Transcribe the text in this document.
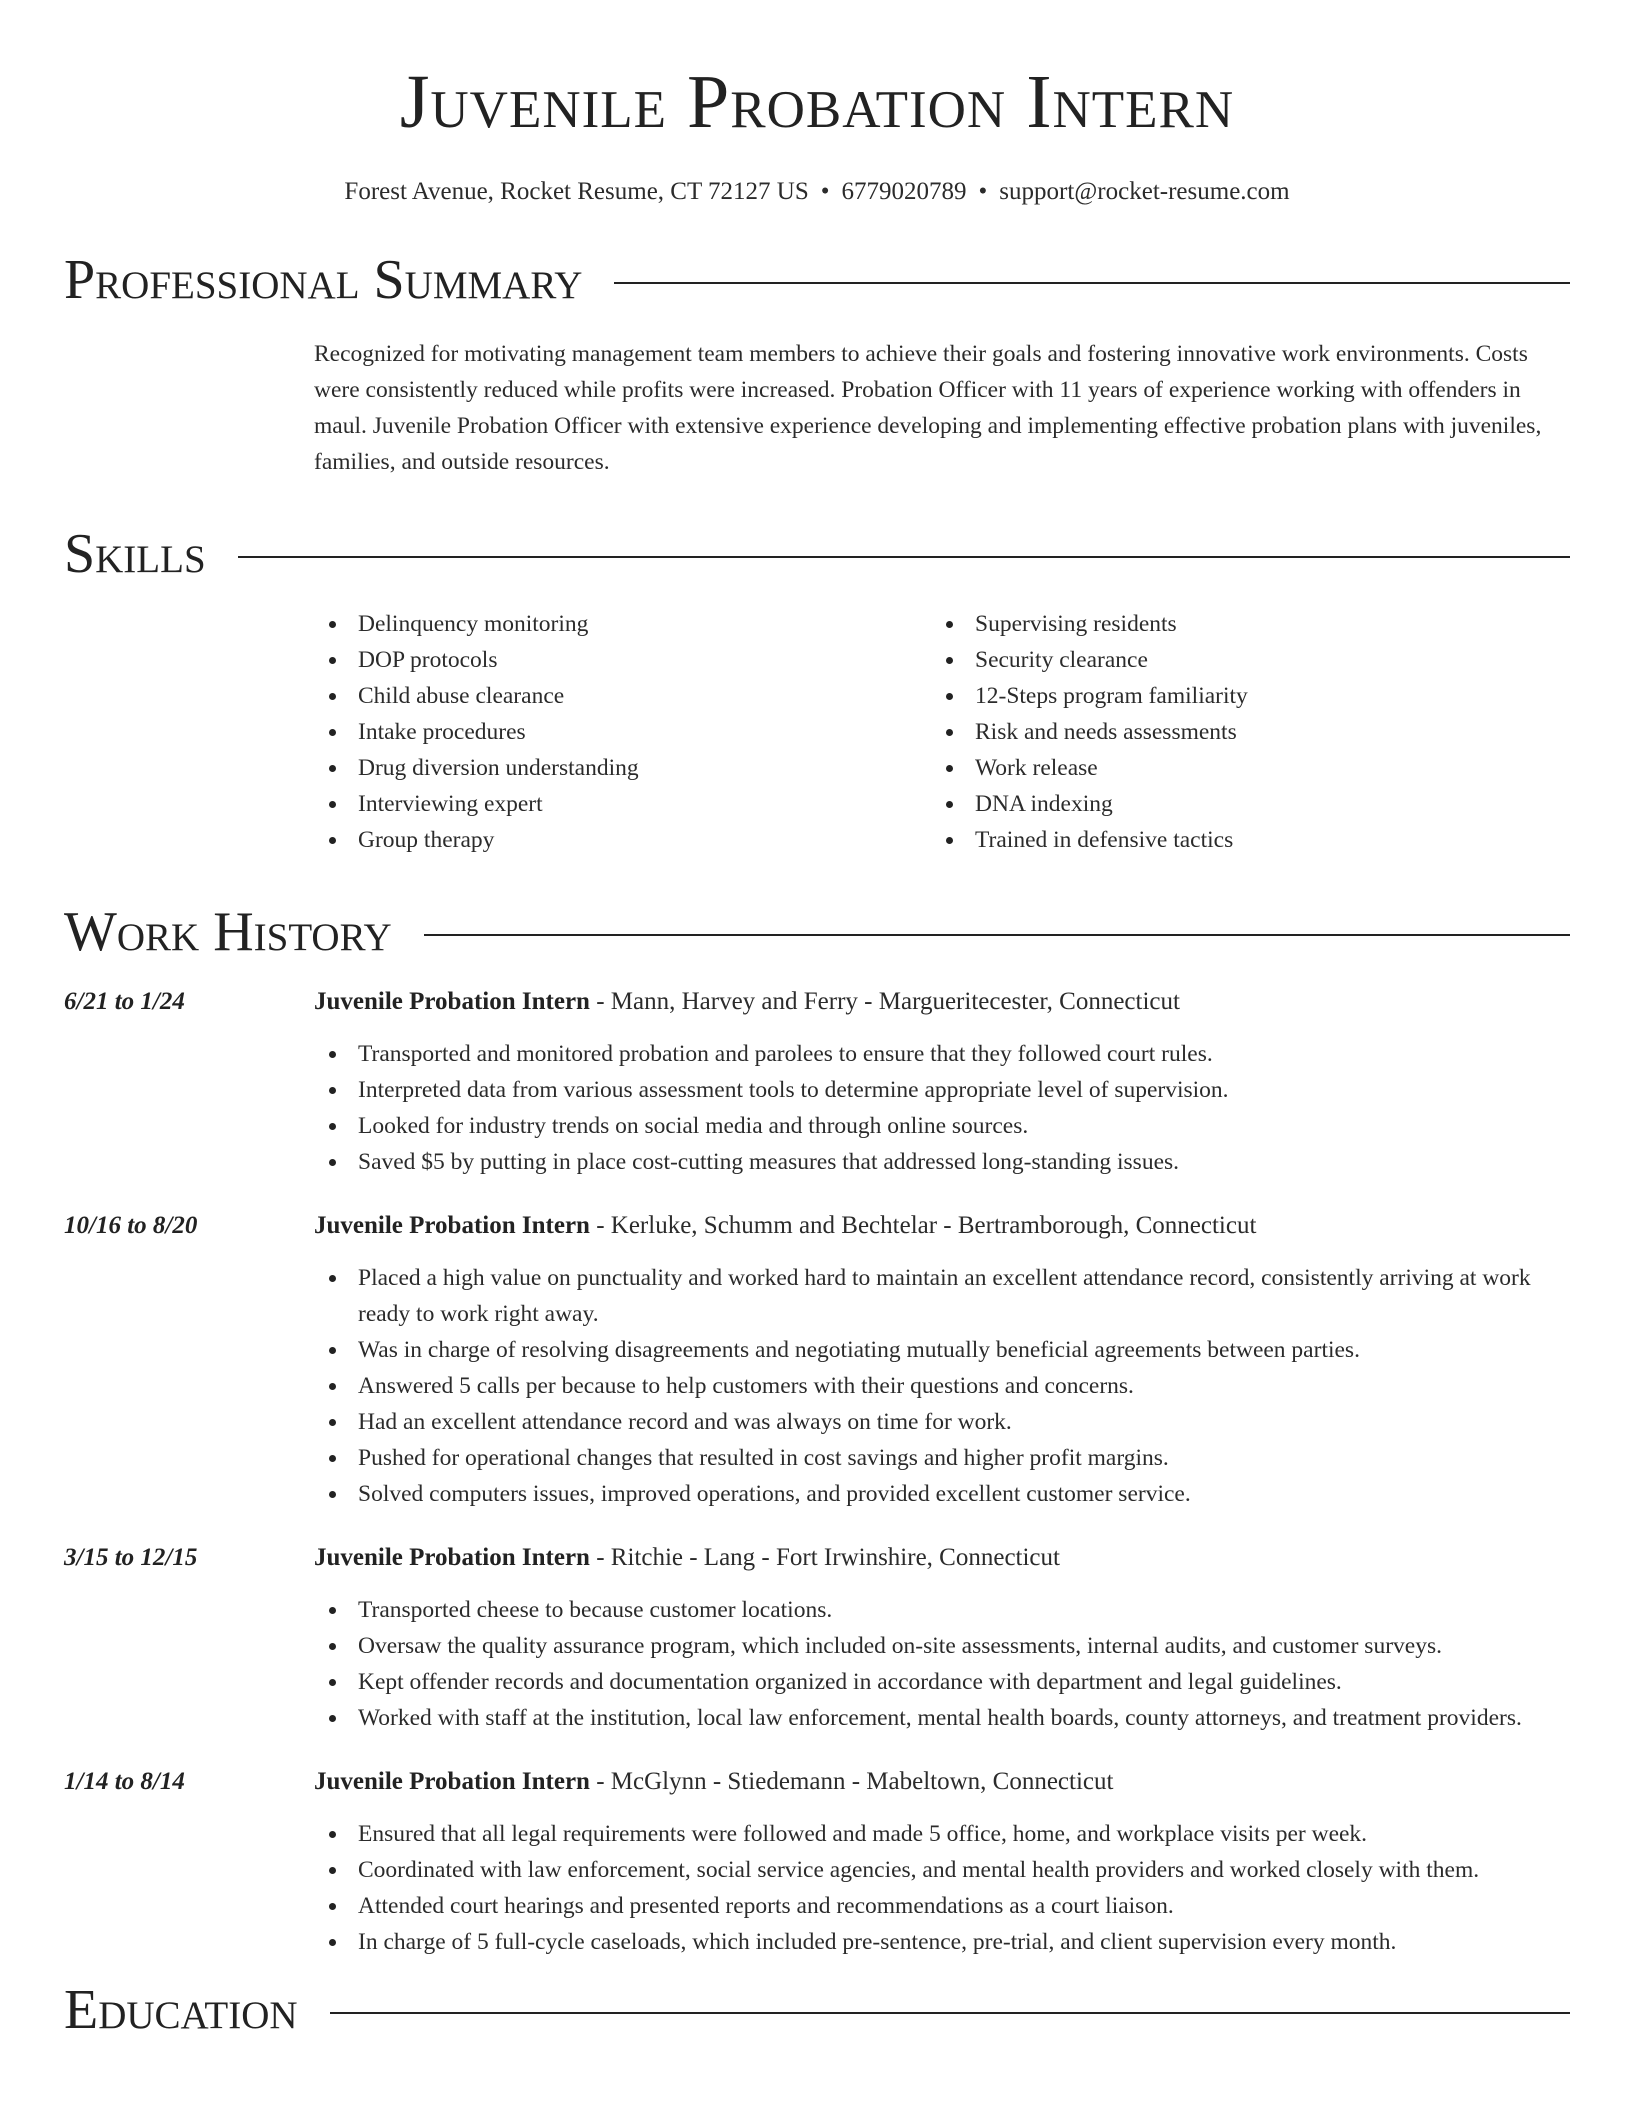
Juvenile Probation Intern
Forest Avenue, Rocket Resume, CT 72127 US • 6779020789 • support@rocket-resume.com
Professional Summary

Recognized for motivating management team members to achieve their goals and fostering innovative work environments. Costs were consistently reduced while profits were increased. Probation Officer with 11 years of experience working with offenders in maul. Juvenile Probation Officer with extensive experience developing and implementing effective probation plans with juveniles, families, and outside resources.

Skills
Delinquency monitoring
DOP protocols
Child abuse clearance
Intake procedures
Drug diversion understanding
Interviewing expert
Group therapy
Supervising residents
Security clearance
12-Steps program familiarity
Risk and needs assessments
Work release
DNA indexing
Trained in defensive tactics
Work History
6/21 to 1/24	Juvenile Probation Intern - Mann, Harvey and Ferry - Margueritecester, Connecticut
Transported and monitored probation and parolees to ensure that they followed court rules.
Interpreted data from various assessment tools to determine appropriate level of supervision.
Looked for industry trends on social media and through online sources.
Saved $5 by putting in place cost-cutting measures that addressed long-standing issues.
10/16 to 8/20	Juvenile Probation Intern - Kerluke, Schumm and Bechtelar - Bertramborough, Connecticut
Placed a high value on punctuality and worked hard to maintain an excellent attendance record, consistently arriving at work ready to work right away.
Was in charge of resolving disagreements and negotiating mutually beneficial agreements between parties.
Answered 5 calls per because to help customers with their questions and concerns.
Had an excellent attendance record and was always on time for work.
Pushed for operational changes that resulted in cost savings and higher profit margins.
Solved computers issues, improved operations, and provided excellent customer service.
3/15 to 12/15	Juvenile Probation Intern - Ritchie - Lang - Fort Irwinshire, Connecticut
Transported cheese to because customer locations.
Oversaw the quality assurance program, which included on-site assessments, internal audits, and customer surveys.
Kept offender records and documentation organized in accordance with department and legal guidelines.
Worked with staff at the institution, local law enforcement, mental health boards, county attorneys, and treatment providers.
1/14 to 8/14	Juvenile Probation Intern - McGlynn - Stiedemann - Mabeltown, Connecticut
Ensured that all legal requirements were followed and made 5 office, home, and workplace visits per week.
Coordinated with law enforcement, social service agencies, and mental health providers and worked closely with them.
Attended court hearings and presented reports and recommendations as a court liaison.
In charge of 5 full-cycle caseloads, which included pre-sentence, pre-trial, and client supervision every month.
Education
